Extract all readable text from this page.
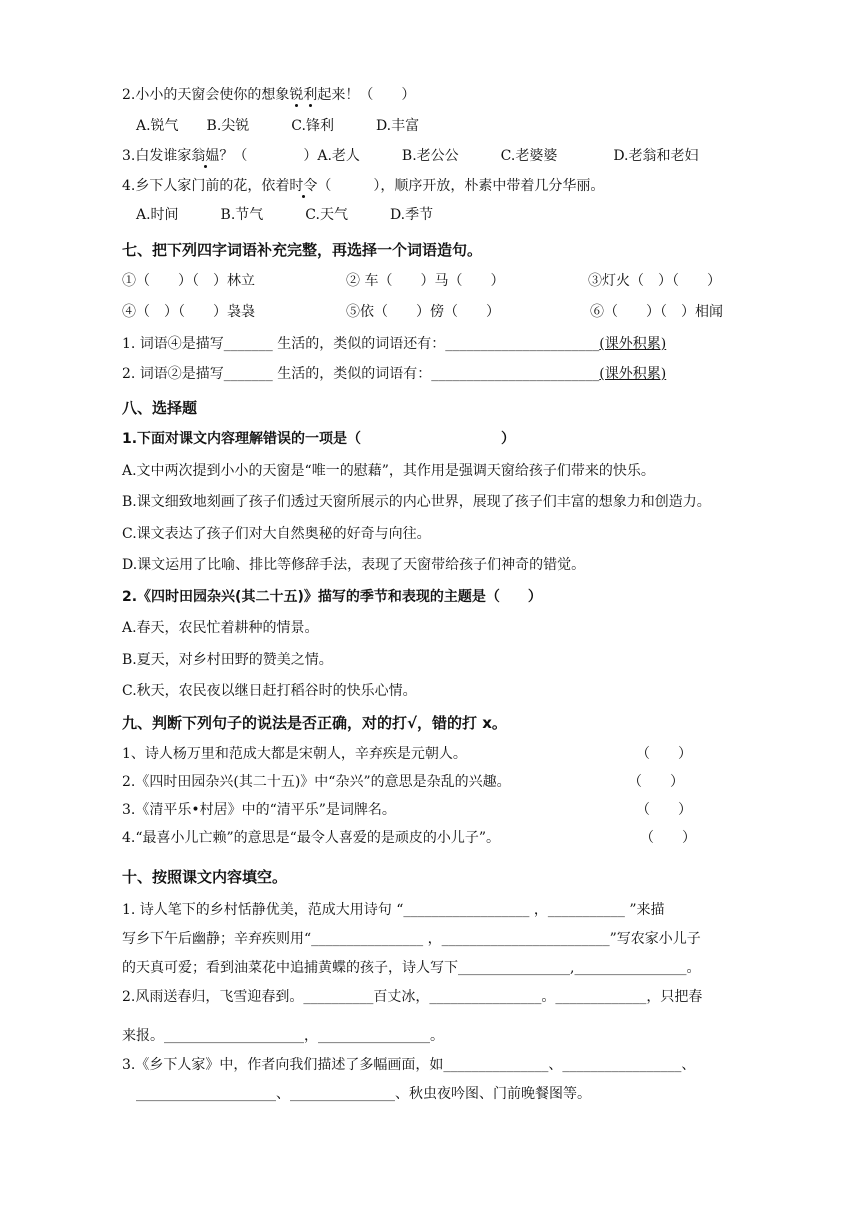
2.小小的天窗会使你的想象锐利起来！（　　）
A.锐气　　B.尖锐　　　C.锋利　　　D.丰富
3.白发谁家翁媪？（　　　　）A.老人　　　B.老公公　　　C.老婆婆　　　　D.老翁和老妇
4.乡下人家门前的花，依着时令（　　　），顺序开放，朴素中带着几分华丽。
A.时间　　　B.节气　　　C.天气　　　D.季节
七、把下列四字词语补充完整，再选择一个词语造句。
①（　　）（　）林立	② 车（　　）马（　　）	③灯火（　）（　　）
④（　）（　　）袅袅	⑤依（　　）傍（　　）	⑥（　　）（　）相闻
1. 词语④是描写_______ 生活的，类似的词语还有：______________________(课外积累)
2. 词语②是描写_______ 生活的，类似的词语有：________________________(课外积累)
八、选择题
1.下面对课文内容理解错误的一项是（　　　　　　　　　　）
A.文中两次提到小小的天窗是“唯一的慰藉”，其作用是强调天窗给孩子们带来的快乐。
B.课文细致地刻画了孩子们透过天窗所展示的内心世界，展现了孩子们丰富的想象力和创造力。
C.课文表达了孩子们对大自然奥秘的好奇与向往。
D.课文运用了比喻、排比等修辞手法，表现了天窗带给孩子们神奇的错觉。
2.《四时田园杂兴(其二十五)》描写的季节和表现的主题是（　　）
A.春天，农民忙着耕种的情景。
B.夏天，对乡村田野的赞美之情。
C.秋天，农民夜以继日赶打稻谷时的快乐心情。
九、判断下列句子的说法是否正确，对的打√，错的打 x。
1、诗人杨万里和范成大都是宋朝人，辛弃疾是元朝人。	（　　）
2.《四时田园杂兴(其二十五)》中“杂兴”的意思是杂乱的兴趣。	（　　）
3.《清平乐•村居》中的“清平乐”是词牌名。	（　　）
4.“最喜小儿亡赖”的意思是“最令人喜爱的是顽皮的小儿子”。	（　　）
十、按照课文内容填空。
1. 诗人笔下的乡村恬静优美，范成大用诗句 “__________________ ，___________ ”来描
写乡下午后幽静；辛弃疾则用“________________ ，________________________”写农家小儿子
的天真可爱；看到油菜花中追捕黄蝶的孩子，诗人写下________________,________________。
2.风雨送春归，飞雪迎春到。__________百丈冰，________________。_____________，只把春
来报。____________________，________________。
3.《乡下人家》中，作者向我们描述了多幅画面，如_______________、_________________、
____________________、_______________、秋虫夜吟图、门前晚餐图等。
